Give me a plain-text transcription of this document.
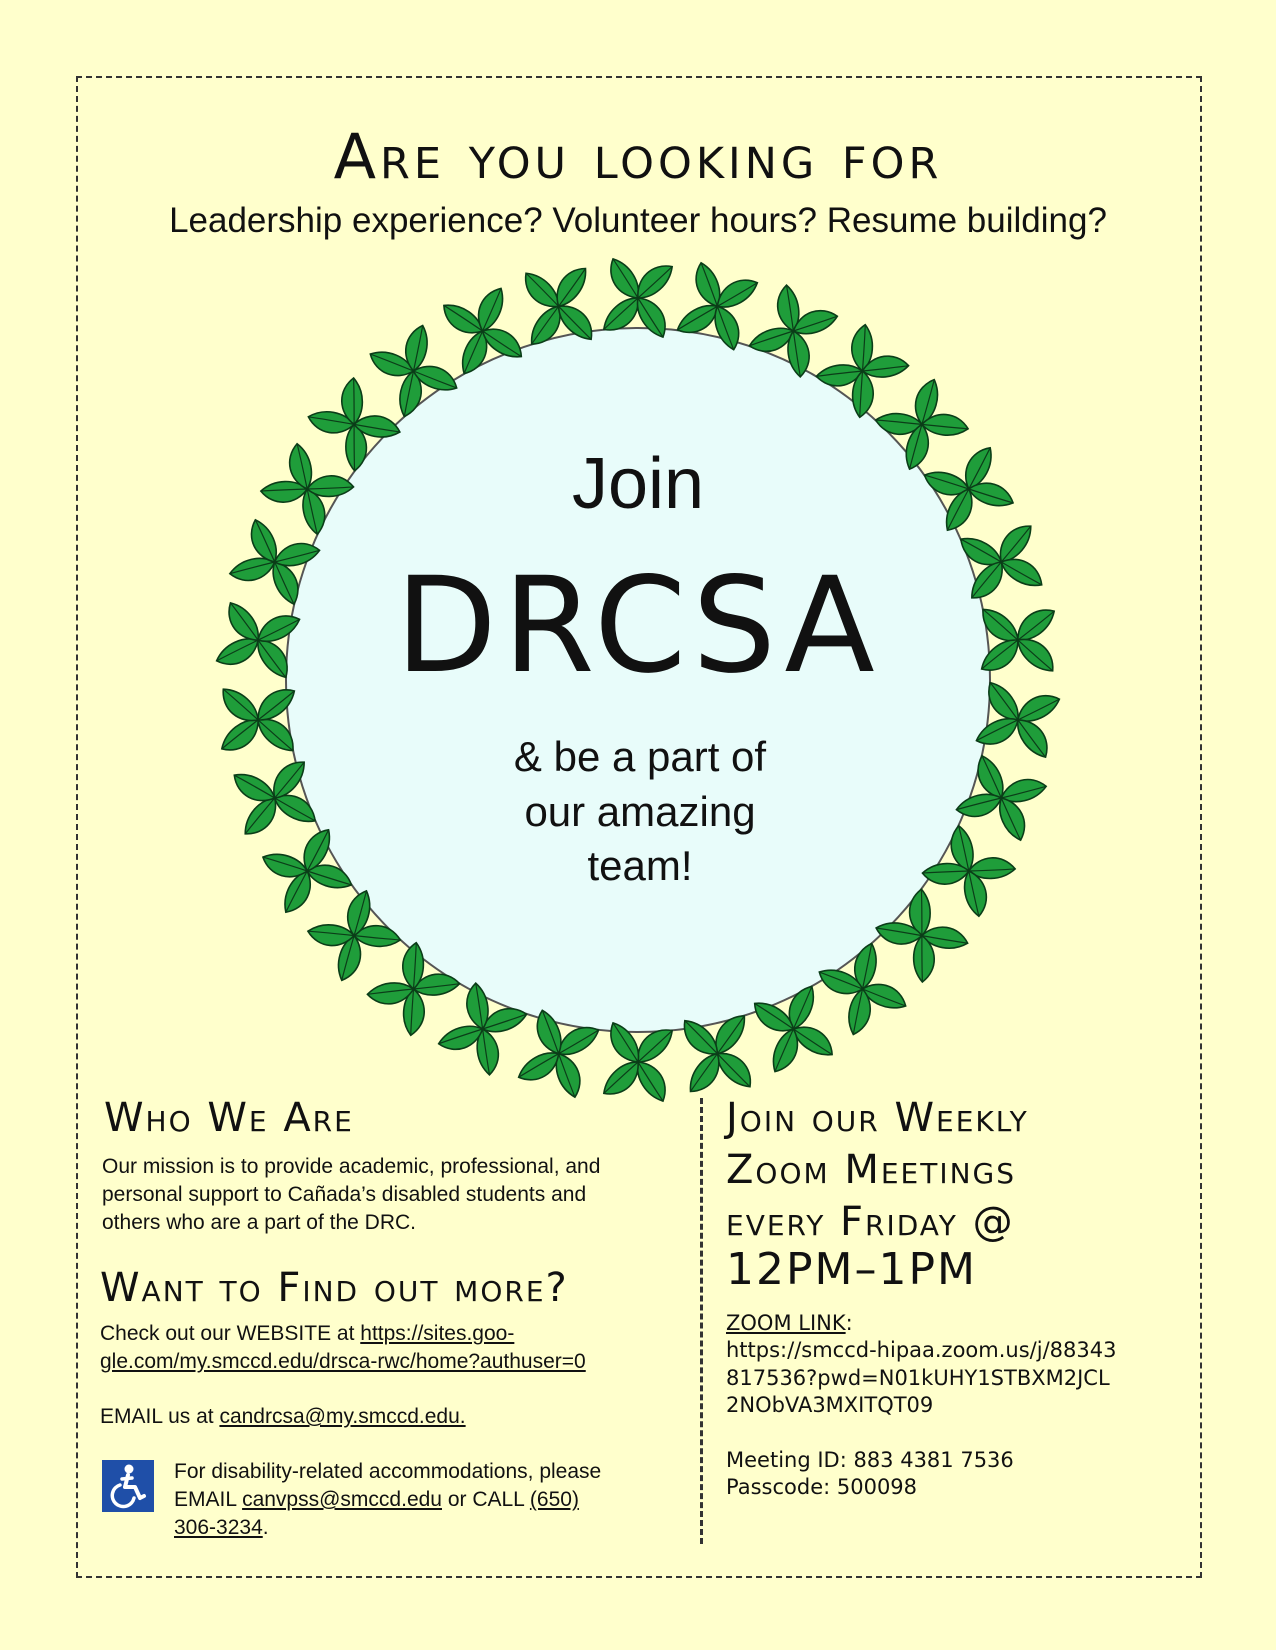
Are you looking for
Leadership experience? Volunteer hours? Resume building?
Join
DRCSA
& be a part of
our amazing
team!
Who We Are
Our mission is to provide academic, professional, and
personal support to Cañada’s disabled students and
others who are a part of the DRC.
Want to Find out more?
Check out our WEBSITE at https://sites.goo-
gle.com/my.smccd.edu/drsca-rwc/home?authuser=0
EMAIL us at candrcsa@my.smccd.edu.
For disability-related accommodations, please
EMAIL canvpss@smccd.edu or CALL (650)
306-3234.
Join our Weekly
Zoom Meetings
every Friday @
12PM–1PM
ZOOM LINK:
https://smccd-hipaa.zoom.us/j/88343
817536?pwd=N01kUHY1STBXM2JCL
2NObVA3MXITQT09
Meeting ID: 883 4381 7536
Passcode: 500098
